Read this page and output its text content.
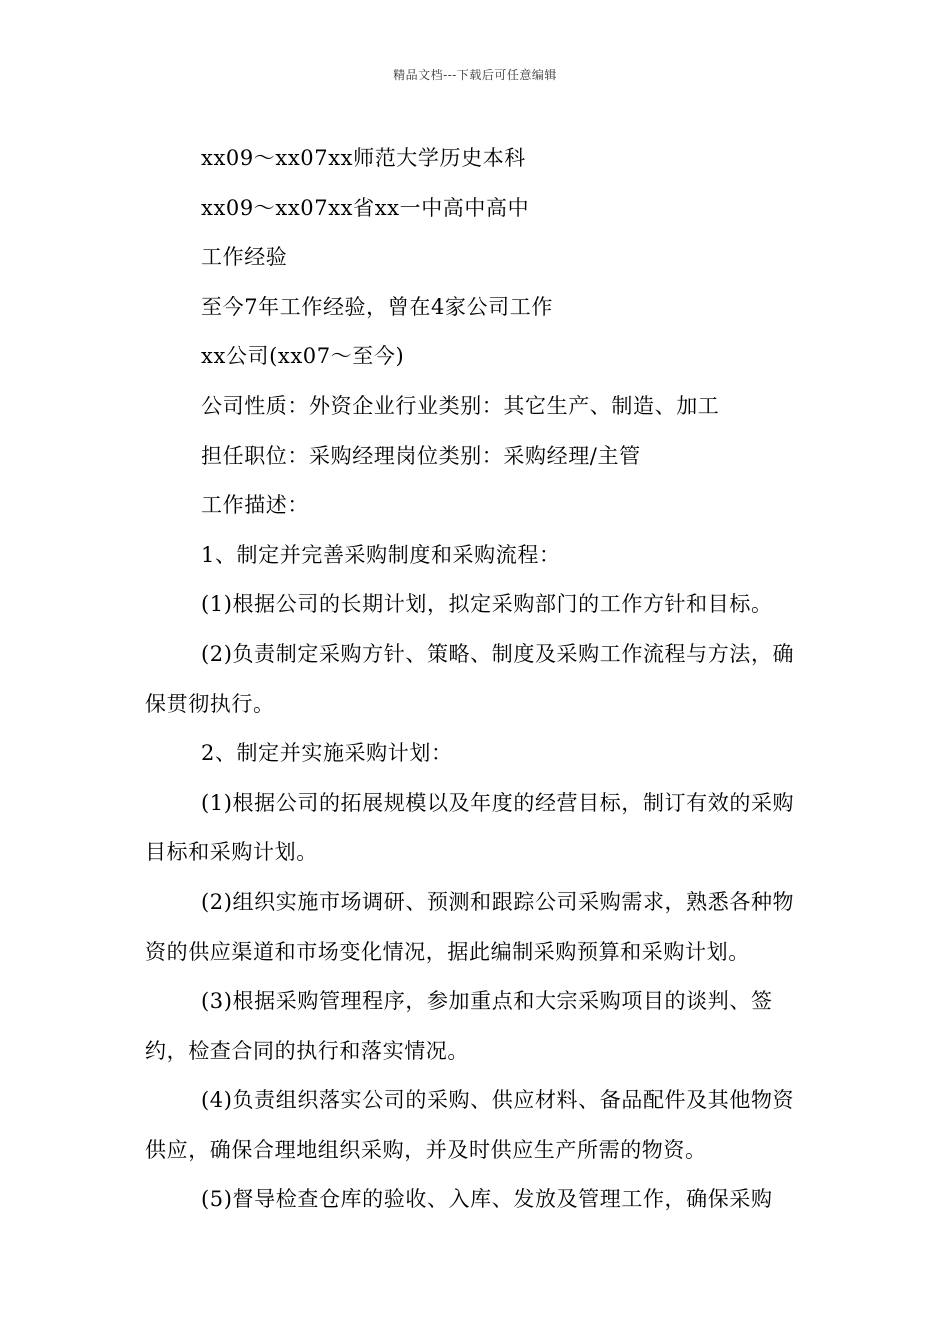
精品文档---下载后可任意编辑

xx09～xx07xx师范大学历史本科

xx09～xx07xx省xx一中高中高中

工作经验

至今7年工作经验，曾在4家公司工作

xx公司(xx07～至今)

公司性质：外资企业行业类别：其它生产、制造、加工

担任职位：采购经理岗位类别：采购经理/主管

工作描述：

1、制定并完善采购制度和采购流程：

(1)根据公司的长期计划，拟定采购部门的工作方针和目标。

(2)负责制定采购方针、策略、制度及采购工作流程与方法，确保贯彻执行。

2、制定并实施采购计划：

(1)根据公司的拓展规模以及年度的经营目标，制订有效的采购目标和采购计划。

(2)组织实施市场调研、预测和跟踪公司采购需求，熟悉各种物资的供应渠道和市场变化情况，据此编制采购预算和采购计划。

(3)根据采购管理程序，参加重点和大宗采购项目的谈判、签约，检查合同的执行和落实情况。

(4)负责组织落实公司的采购、供应材料、备品配件及其他物资供应，确保合理地组织采购，并及时供应生产所需的物资。

(5)督导检查仓库的验收、入库、发放及管理工作，确保采购
